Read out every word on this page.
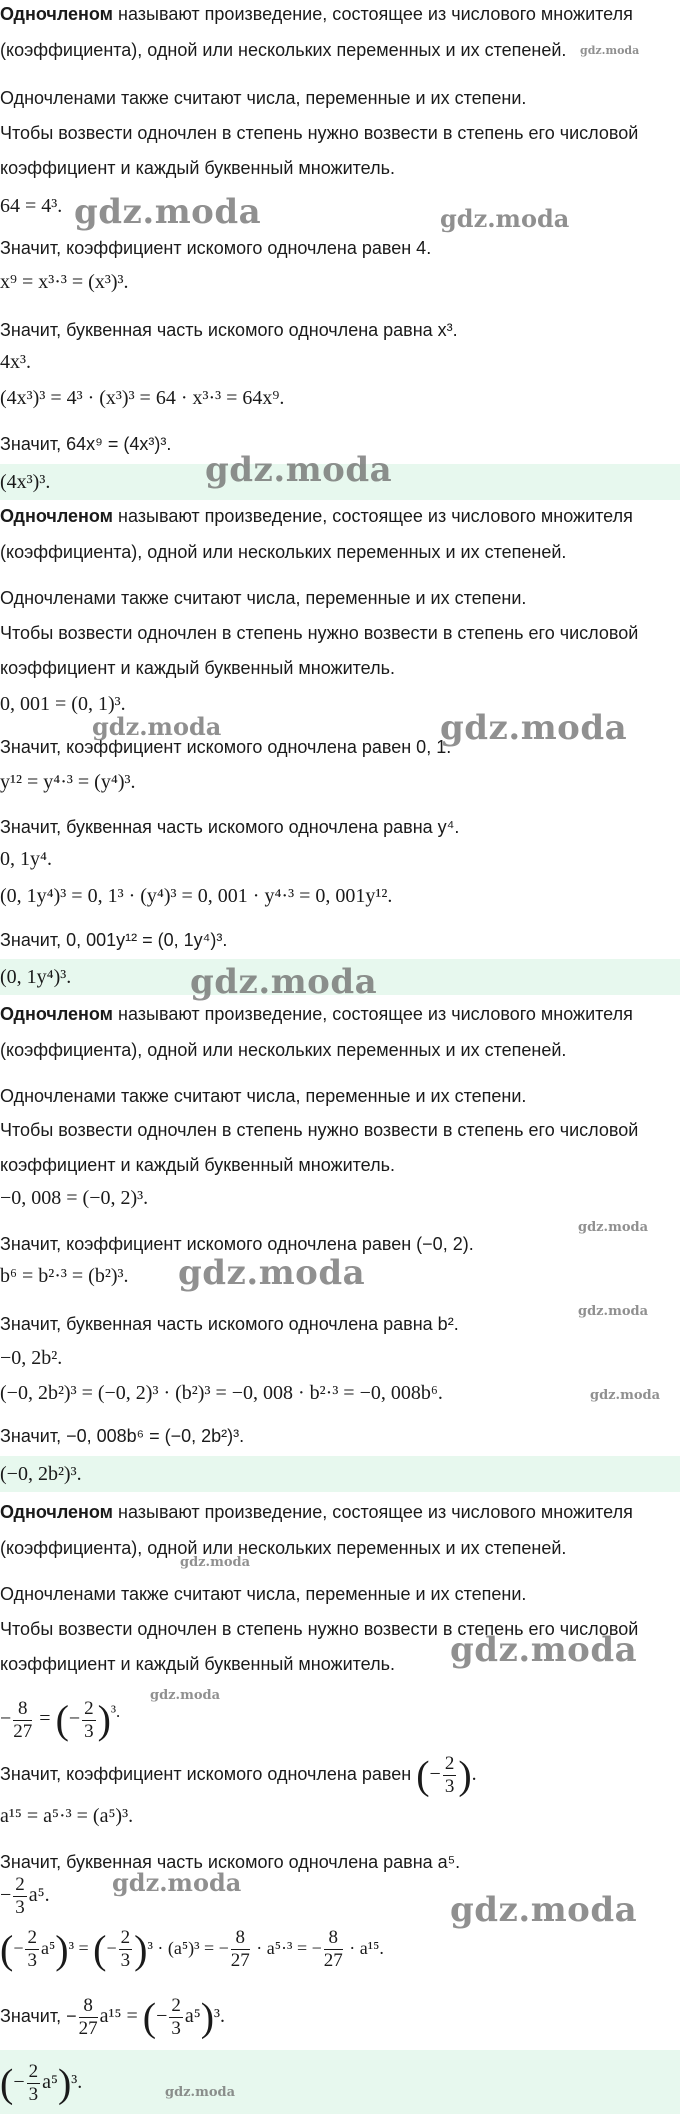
Одночленом называют произведение, состоящее из числового множителя
(коэффициента), одной или нескольких переменных и их степеней.
Одночленами также считают числа, переменные и их степени.
Чтобы возвести одночлен в степень нужно возвести в степень его числовой
коэффициент и каждый буквенный множитель.
64 = 4³.
Значит, коэффициент искомого одночлена равен 4.
x⁹ = x³·³ = (x³)³.
Значит, буквенная часть искомого одночлена равна x³.
4x³.
(4x³)³ = 4³ · (x³)³ = 64 · x³·³ = 64x⁹.
Значит, 64x⁹ = (4x³)³.
(4x³)³.
gdz.moda	gdz.moda
gdz.moda
gdz.moda
Одночленом называют произведение, состоящее из числового множителя
(коэффициента), одной или нескольких переменных и их степеней.
Одночленами также считают числа, переменные и их степени.
Чтобы возвести одночлен в степень нужно возвести в степень его числовой
коэффициент и каждый буквенный множитель.
0, 001 = (0, 1)³.
Значит, коэффициент искомого одночлена равен 0, 1.
y¹² = y⁴·³ = (y⁴)³.
Значит, буквенная часть искомого одночлена равна y⁴.
0, 1y⁴.
(0, 1y⁴)³ = 0, 1³ · (y⁴)³ = 0, 001 · y⁴·³ = 0, 001y¹².
Значит, 0, 001y¹² = (0, 1y⁴)³.
(0, 1y⁴)³.
gdz.moda
gdz.moda
gdz.moda
Одночленом называют произведение, состоящее из числового множителя
(коэффициента), одной или нескольких переменных и их степеней.
Одночленами также считают числа, переменные и их степени.
Чтобы возвести одночлен в степень нужно возвести в степень его числовой
коэффициент и каждый буквенный множитель.
−0, 008 = (−0, 2)³.
Значит, коэффициент искомого одночлена равен (−0, 2).
b⁶ = b²·³ = (b²)³.
Значит, буквенная часть искомого одночлена равна b².
−0, 2b².
(−0, 2b²)³ = (−0, 2)³ · (b²)³ = −0, 008 · b²·³ = −0, 008b⁶.
Значит, −0, 008b⁶ = (−0, 2b²)³.
(−0, 2b²)³.
gdz.moda
gdz.moda
gdz.moda
gdz.moda
Одночленом называют произведение, состоящее из числового множителя
(коэффициента), одной или нескольких переменных и их степеней.
Одночленами также считают числа, переменные и их степени.
Чтобы возвести одночлен в степень нужно возвести в степень его числовой
коэффициент и каждый буквенный множитель.
− $\frac{8}{27}$ = (− $\frac{2}{3} )^{^3.}$
Значит, коэффициент искомого одночлена равен (− $\frac{2}{3}$ ).
a¹⁵ = a⁵·³ = (a⁵)³.
Значит, буквенная часть искомого одночлена равна a⁵.
− $\frac{2}{3} a^5$.
(− $\frac{2}{3} a^5)^3$ = (− $\frac{2}{3} )^3 \cdot (a^5)^3$ = − $\frac{8}{27} \cdot a^5\cdot^3$ = − $\frac{8}{27} \cdot a^{15}$.
Значит, − $\frac{8}{27} a^{15}$ = (− $\frac{2}{3} a^5)^3$.
(− $\frac{2}{3} a^5)^3$.
gdz.moda
gdz.moda
gdz.moda
gdz.moda
gdz.moda
gdz.moda
